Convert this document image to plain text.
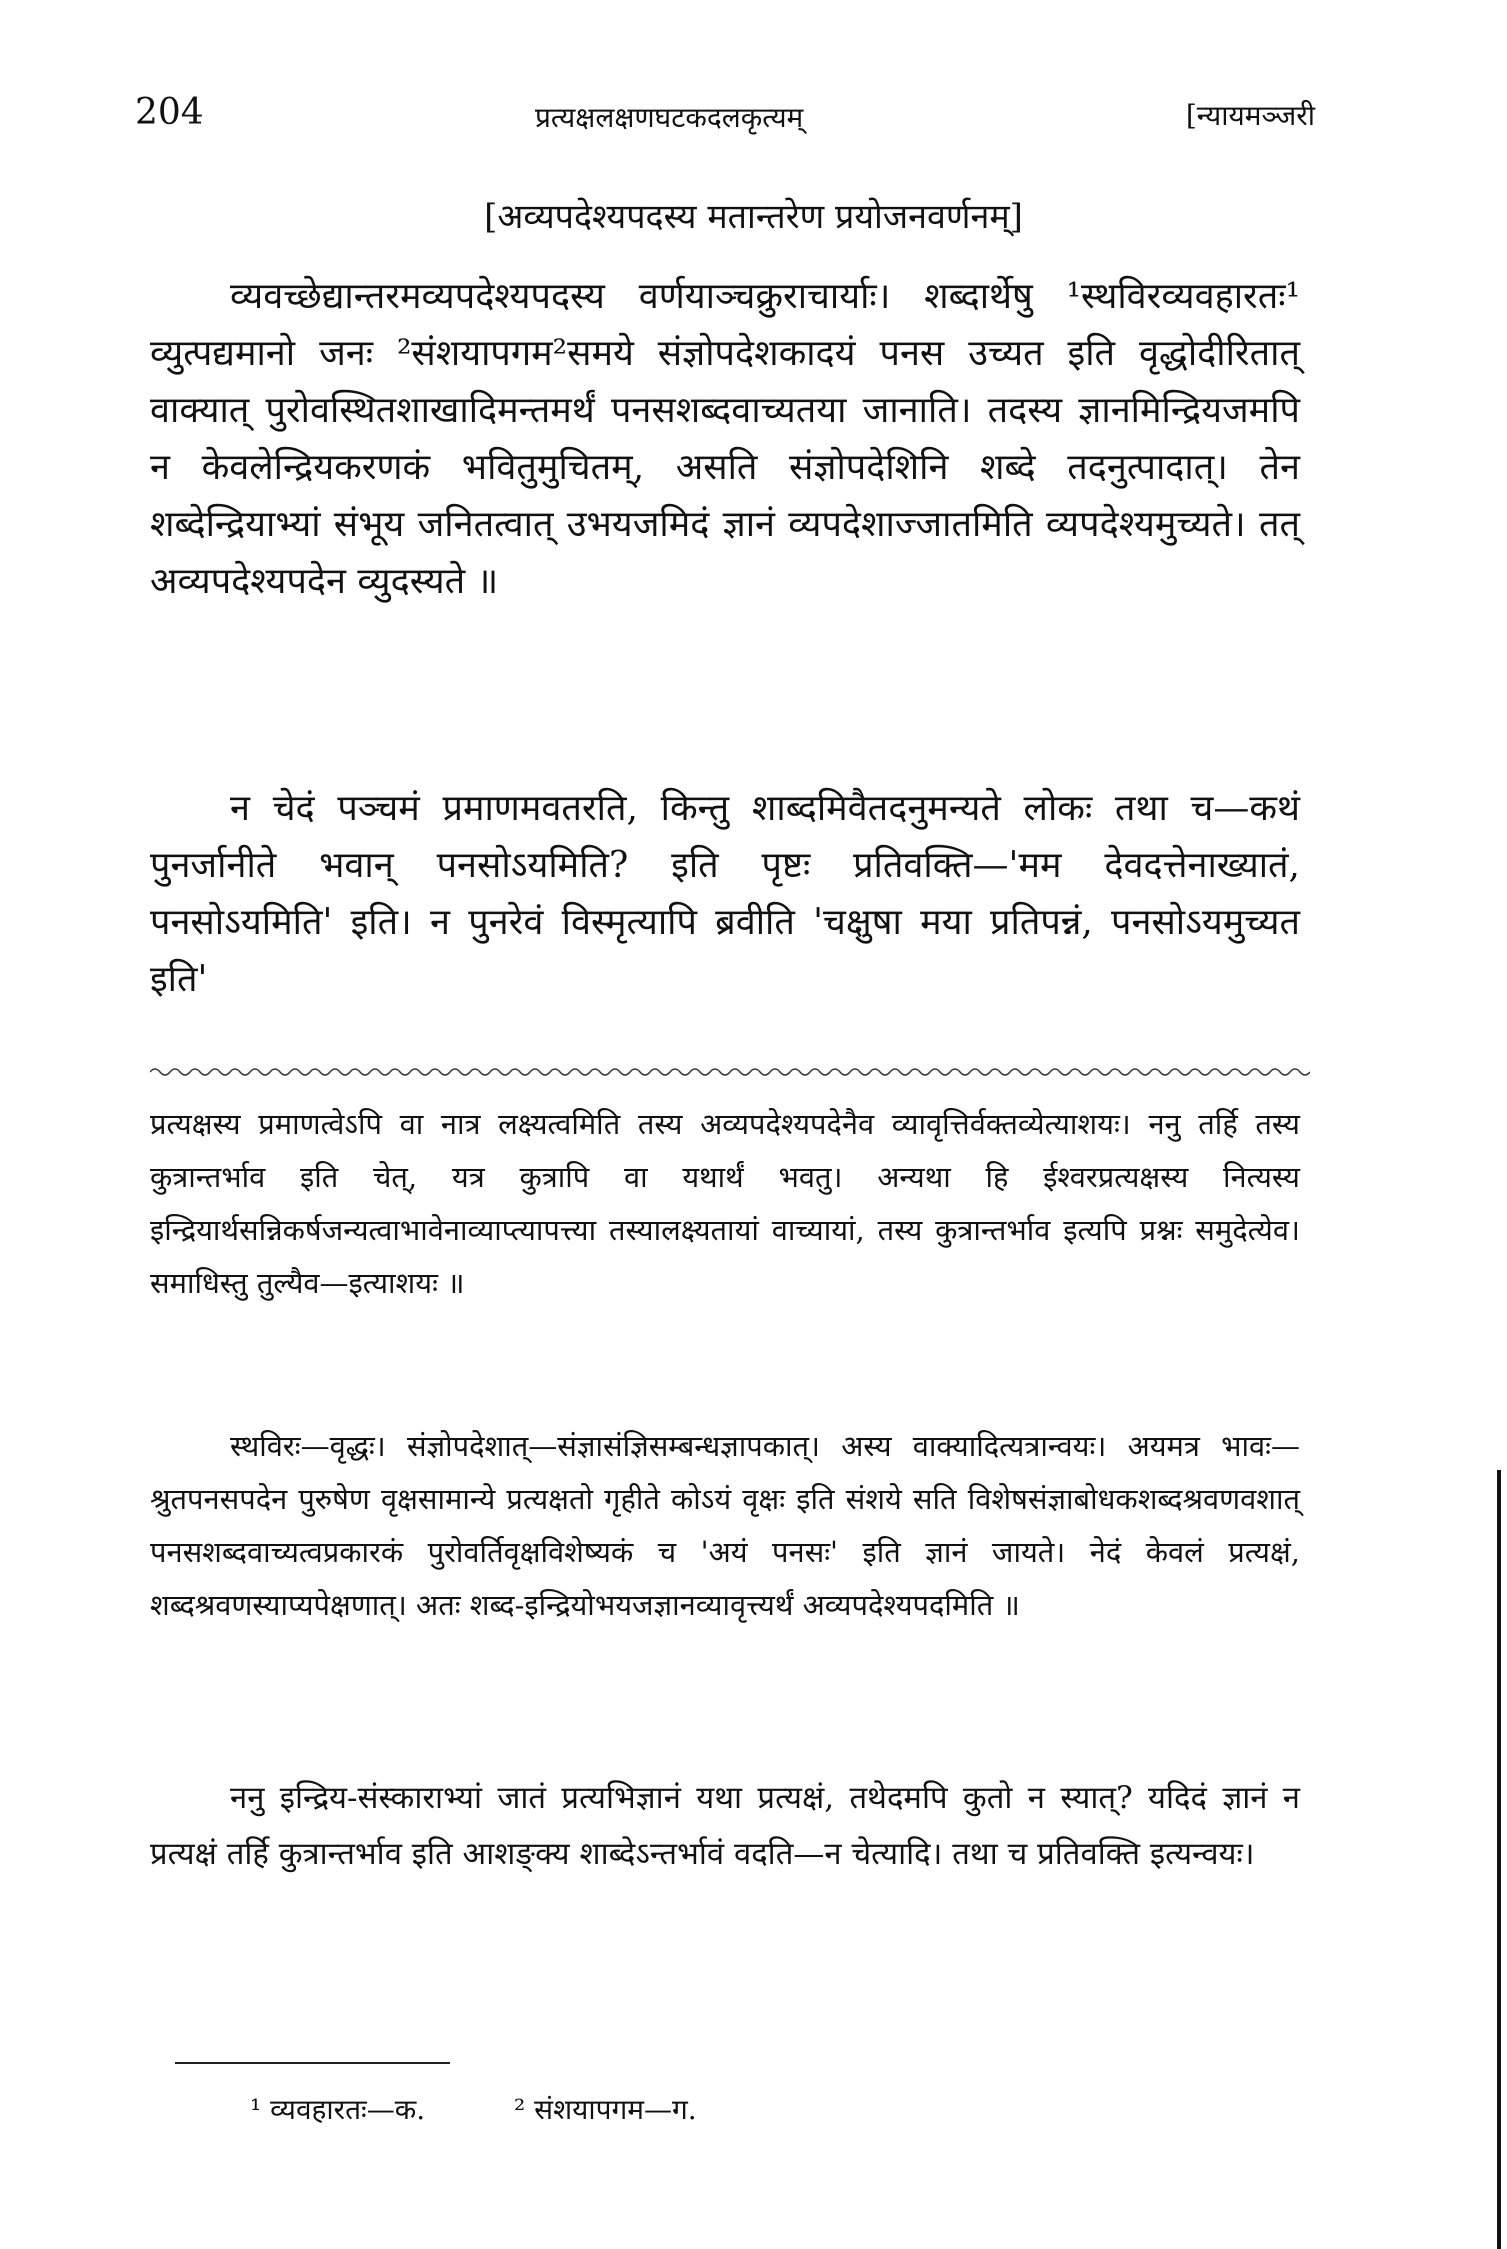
204	प्रत्यक्षलक्षणघटकदलकृत्यम्	[न्यायमञ्जरी
[अव्यपदेश्यपदस्य मतान्तरेण प्रयोजनवर्णनम्]

व्यवच्छेद्यान्तरमव्यपदेश्यपदस्य वर्णयाञ्चक्रुराचार्याः। शब्दार्थेषु ¹स्थविरव्यवहारतः¹ व्युत्पद्यमानो जनः ²संशयापगम²समये संज्ञोपदेशकादयं पनस उच्यत इति वृद्धोदीरितात् वाक्यात् पुरोवस्थितशाखादिमन्तमर्थं पनसशब्दवाच्यतया जानाति। तदस्य ज्ञानमिन्द्रियजमपि न केवलेन्द्रियकरणकं भवितुमुचितम्, असति संज्ञोपदेशिनि शब्दे तदनुत्पादात्। तेन शब्देन्द्रियाभ्यां संभूय जनितत्वात् उभयजमिदं ज्ञानं व्यपदेशाज्जातमिति व्यपदेश्यमुच्यते। तत् अव्यपदेश्यपदेन व्युदस्यते ॥

न चेदं पञ्चमं प्रमाणमवतरति, किन्तु शाब्दमिवैतदनुमन्यते लोकः तथा च—कथं पुनर्जानीते भवान् पनसोऽयमिति? इति पृष्टः प्रतिवक्ति—'मम देवदत्तेनाख्यातं, पनसोऽयमिति' इति। न पुनरेवं विस्मृत्यापि ब्रवीति 'चक्षुषा मया प्रतिपन्नं, पनसोऽयमुच्यत इति'

प्रत्यक्षस्य प्रमाणत्वेऽपि वा नात्र लक्ष्यत्वमिति तस्य अव्यपदेश्यपदेनैव व्यावृत्तिर्वक्तव्येत्याशयः। ननु तर्हि तस्य कुत्रान्तर्भाव इति चेत्, यत्र कुत्रापि वा यथार्थं भवतु। अन्यथा हि ईश्वरप्रत्यक्षस्य नित्यस्य इन्द्रियार्थसन्निकर्षजन्यत्वाभावेनाव्याप्त्यापत्त्या तस्यालक्ष्यतायां वाच्यायां, तस्य कुत्रान्तर्भाव इत्यपि प्रश्नः समुदेत्येव। समाधिस्तु तुल्यैव—इत्याशयः ॥

स्थविरः—वृद्धः। संज्ञोपदेशात्—संज्ञासंज्ञिसम्बन्धज्ञापकात्। अस्य वाक्यादित्यत्रान्वयः। अयमत्र भावः—श्रुतपनसपदेन पुरुषेण वृक्षसामान्ये प्रत्यक्षतो गृहीते कोऽयं वृक्षः इति संशये सति विशेषसंज्ञाबोधकशब्दश्रवणवशात् पनसशब्दवाच्यत्वप्रकारकं पुरोवर्तिवृक्षविशेष्यकं च 'अयं पनसः' इति ज्ञानं जायते। नेदं केवलं प्रत्यक्षं, शब्दश्रवणस्याप्यपेक्षणात्। अतः शब्द-इन्द्रियोभयजज्ञानव्यावृत्त्यर्थं अव्यपदेश्यपदमिति ॥

ननु इन्द्रिय-संस्काराभ्यां जातं प्रत्यभिज्ञानं यथा प्रत्यक्षं, तथेदमपि कुतो न स्यात्? यदिदं ज्ञानं न प्रत्यक्षं तर्हि कुत्रान्तर्भाव इति आशङ्क्य शाब्देऽन्तर्भावं वदति—न चेत्यादि। तथा च प्रतिवक्ति इत्यन्वयः।

¹ व्यवहारतः—क.	² संशयापगम—ग.
